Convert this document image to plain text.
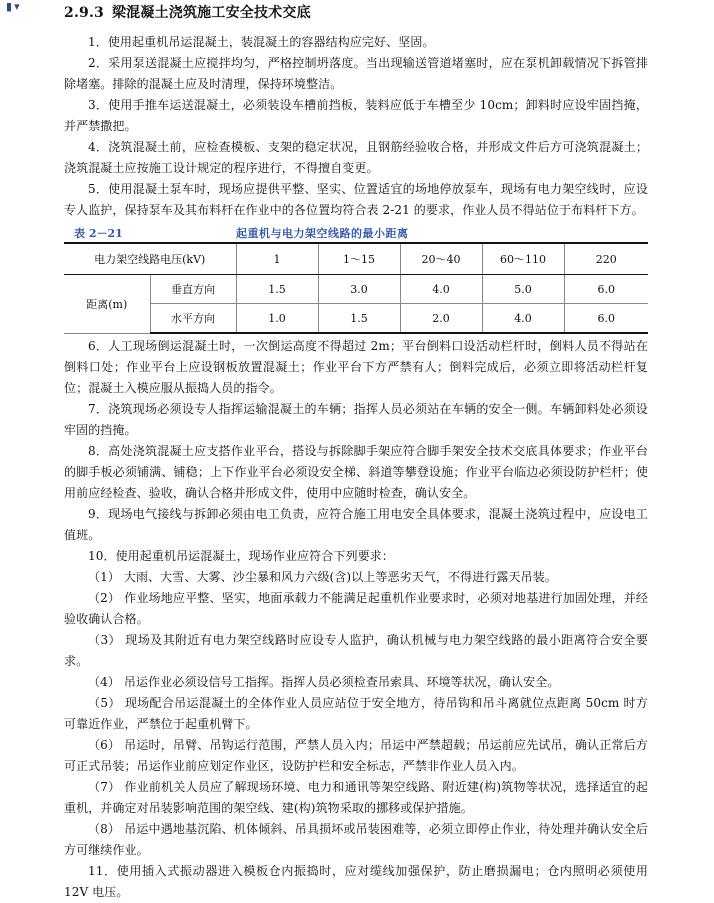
▮ ▾	2.9.3 梁混凝土浇筑施工安全技术交底

1．使用起重机吊运混凝土，装混凝土的容器结构应完好、坚固。

2．采用泵送混凝土应搅拌均匀，严格控制坍落度。当出现输送管道堵塞时，应在泵机卸载情况下拆管排除堵塞。排除的混凝土应及时清理，保持环境整洁。

3．使用手推车运送混凝土，必须装设车槽前挡板，装料应低于车槽至少 10cm；卸料时应设牢固挡掩，并严禁撒把。

4．浇筑混凝土前，应检查模板、支架的稳定状况，且钢筋经验收合格，并形成文件后方可浇筑混凝土；浇筑混凝土应按施工设计规定的程序进行，不得擅自变更。

5．使用混凝土泵车时，现场应提供平整、坚实、位置适宜的场地停放泵车，现场有电力架空线时，应设专人监护，保持泵车及其布料杆在作业中的各位置均符合表 2-21 的要求，作业人员不得站位于布料杆下方。

表 2－21	起重机与电力架空线路的最小距离
电力架空线路电压(kV)		1	1～15	20～40	60～110	220
距离(m)	垂直方向	1.5	3.0	4.0	5.0	6.0
	水平方向	1.0	1.5	2.0	4.0	6.0

6．人工现场倒运混凝土时，一次倒运高度不得超过 2m；平台倒料口设活动栏杆时，倒料人员不得站在倒料口处；作业平台上应设钢板放置混凝土；作业平台下方严禁有人；倒料完成后，必须立即将活动栏杆复位；混凝土入模应服从振捣人员的指令。

7．浇筑现场必须设专人指挥运输混凝土的车辆；指挥人员必须站在车辆的安全一侧。车辆卸料处必须设牢固的挡掩。

8．高处浇筑混凝土应支搭作业平台，搭设与拆除脚手架应符合脚手架安全技术交底具体要求；作业平台的脚手板必须铺满、铺稳；上下作业平台必须设安全梯、斜道等攀登设施；作业平台临边必须设防护栏杆；使用前应经检查、验收，确认合格并形成文件，使用中应随时检查，确认安全。

9．现场电气接线与拆卸必须由电工负责，应符合施工用电安全具体要求，混凝土浇筑过程中，应设电工值班。

10．使用起重机吊运混凝土，现场作业应符合下列要求：

（1） 大雨、大雪、大雾、沙尘暴和风力六级(含)以上等恶劣天气，不得进行露天吊装。

（2） 作业场地应平整、坚实，地面承载力不能满足起重机作业要求时，必须对地基进行加固处理，并经验收确认合格。

（3） 现场及其附近有电力架空线路时应设专人监护，确认机械与电力架空线路的最小距离符合安全要求。

（4） 吊运作业必须设信号工指挥。指挥人员必须检查吊索具、环境等状况，确认安全。

（5） 现场配合吊运混凝土的全体作业人员应站位于安全地方，待吊钩和吊斗离就位点距离 50cm 时方可靠近作业，严禁位于起重机臂下。

（6） 吊运时，吊臂、吊钩运行范围，严禁人员入内；吊运中严禁超载；吊运前应先试吊，确认正常后方可正式吊装；吊运作业前应划定作业区，设防护栏和安全标志，严禁非作业人员入内。

（7） 作业前机关人员应了解现场环境、电力和通讯等架空线路、附近建(构)筑物等状况，选择适宜的起重机，并确定对吊装影响范围的架空线、建(构)筑物采取的挪移或保护措施。

（8） 吊运中遇地基沉陷、机体倾斜、吊具损坏或吊装困难等，必须立即停止作业，待处理并确认安全后方可继续作业。

11．使用插入式振动器进入模板仓内振捣时，应对缆线加强保护，防止磨损漏电；仓内照明必须使用 12V 电压。
